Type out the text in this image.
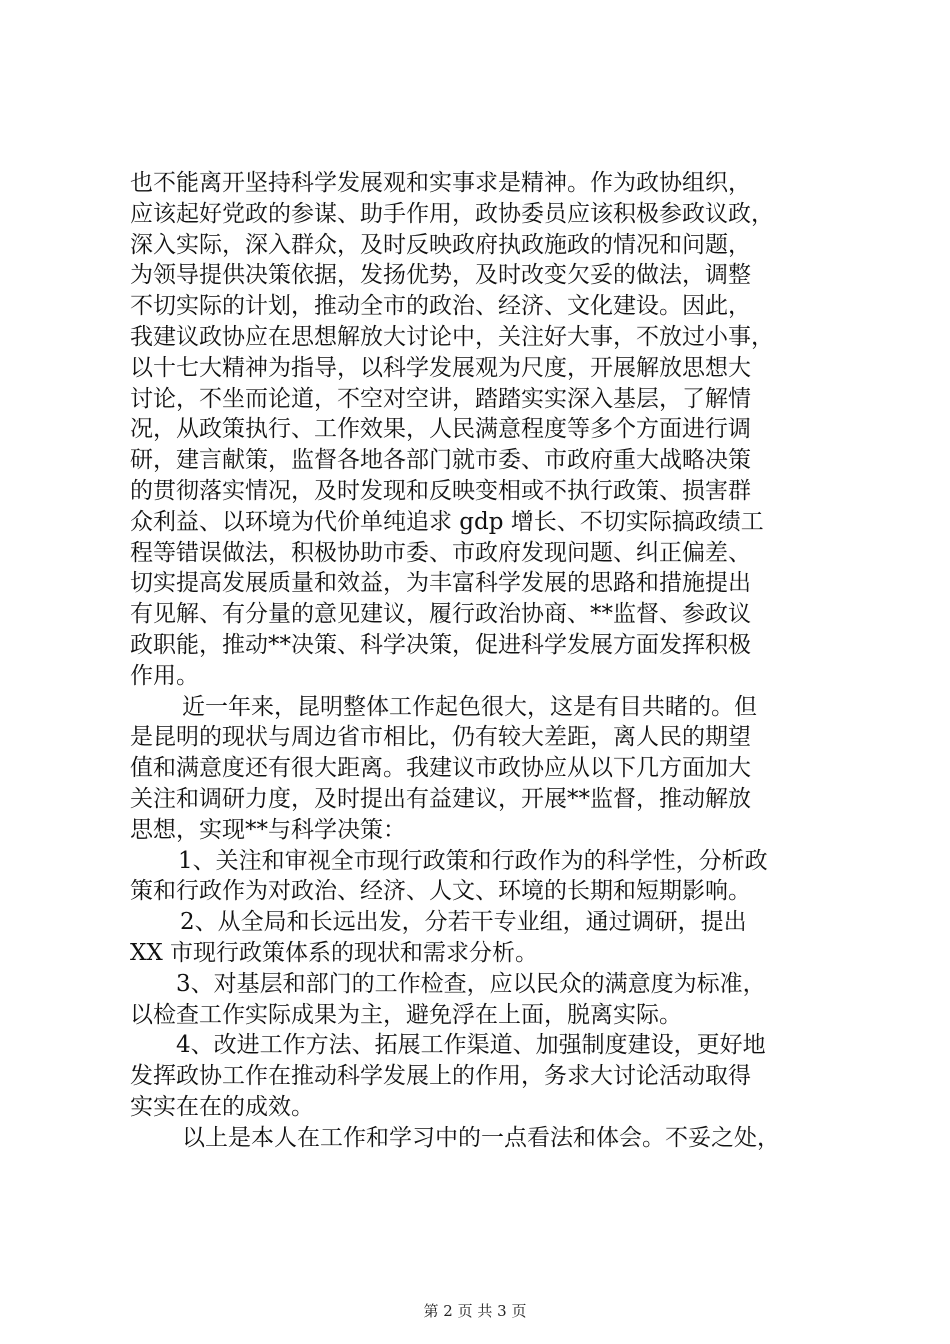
也不能离开坚持科学发展观和实事求是精神。作为政协组织，
应该起好党政的参谋、助手作用，政协委员应该积极参政议政，
深入实际，深入群众，及时反映政府执政施政的情况和问题，
为领导提供决策依据，发扬优势，及时改变欠妥的做法，调整
不切实际的计划，推动全市的政治、经济、文化建设。因此，
我建议政协应在思想解放大讨论中，关注好大事，不放过小事，
以十七大精神为指导，以科学发展观为尺度，开展解放思想大
讨论，不坐而论道，不空对空讲，踏踏实实深入基层，了解情
况，从政策执行、工作效果，人民满意程度等多个方面进行调
研，建言献策，监督各地各部门就市委、市政府重大战略决策
的贯彻落实情况，及时发现和反映变相或不执行政策、损害群
众利益、以环境为代价单纯追求 gdp 增长、不切实际搞政绩工
程等错误做法，积极协助市委、市政府发现问题、纠正偏差、
切实提高发展质量和效益，为丰富科学发展的思路和措施提出
有见解、有分量的意见建议，履行政治协商、**监督、参政议
政职能，推动**决策、科学决策，促进科学发展方面发挥积极
作用。
近一年来，昆明整体工作起色很大，这是有目共睹的。但
是昆明的现状与周边省市相比，仍有较大差距，离人民的期望
值和满意度还有很大距离。我建议市政协应从以下几方面加大
关注和调研力度，及时提出有益建议，开展**监督，推动解放
思想，实现**与科学决策：
1、关注和审视全市现行政策和行政作为的科学性，分析政
策和行政作为对政治、经济、人文、环境的长期和短期影响。
2、从全局和长远出发，分若干专业组，通过调研，提出
XX 市现行政策体系的现状和需求分析。
3、对基层和部门的工作检查，应以民众的满意度为标准，
以检查工作实际成果为主，避免浮在上面，脱离实际。
4、改进工作方法、拓展工作渠道、加强制度建设，更好地
发挥政协工作在推动科学发展上的作用，务求大讨论活动取得
实实在在的成效。
以上是本人在工作和学习中的一点看法和体会。不妥之处，
第 2 页 共 3 页
